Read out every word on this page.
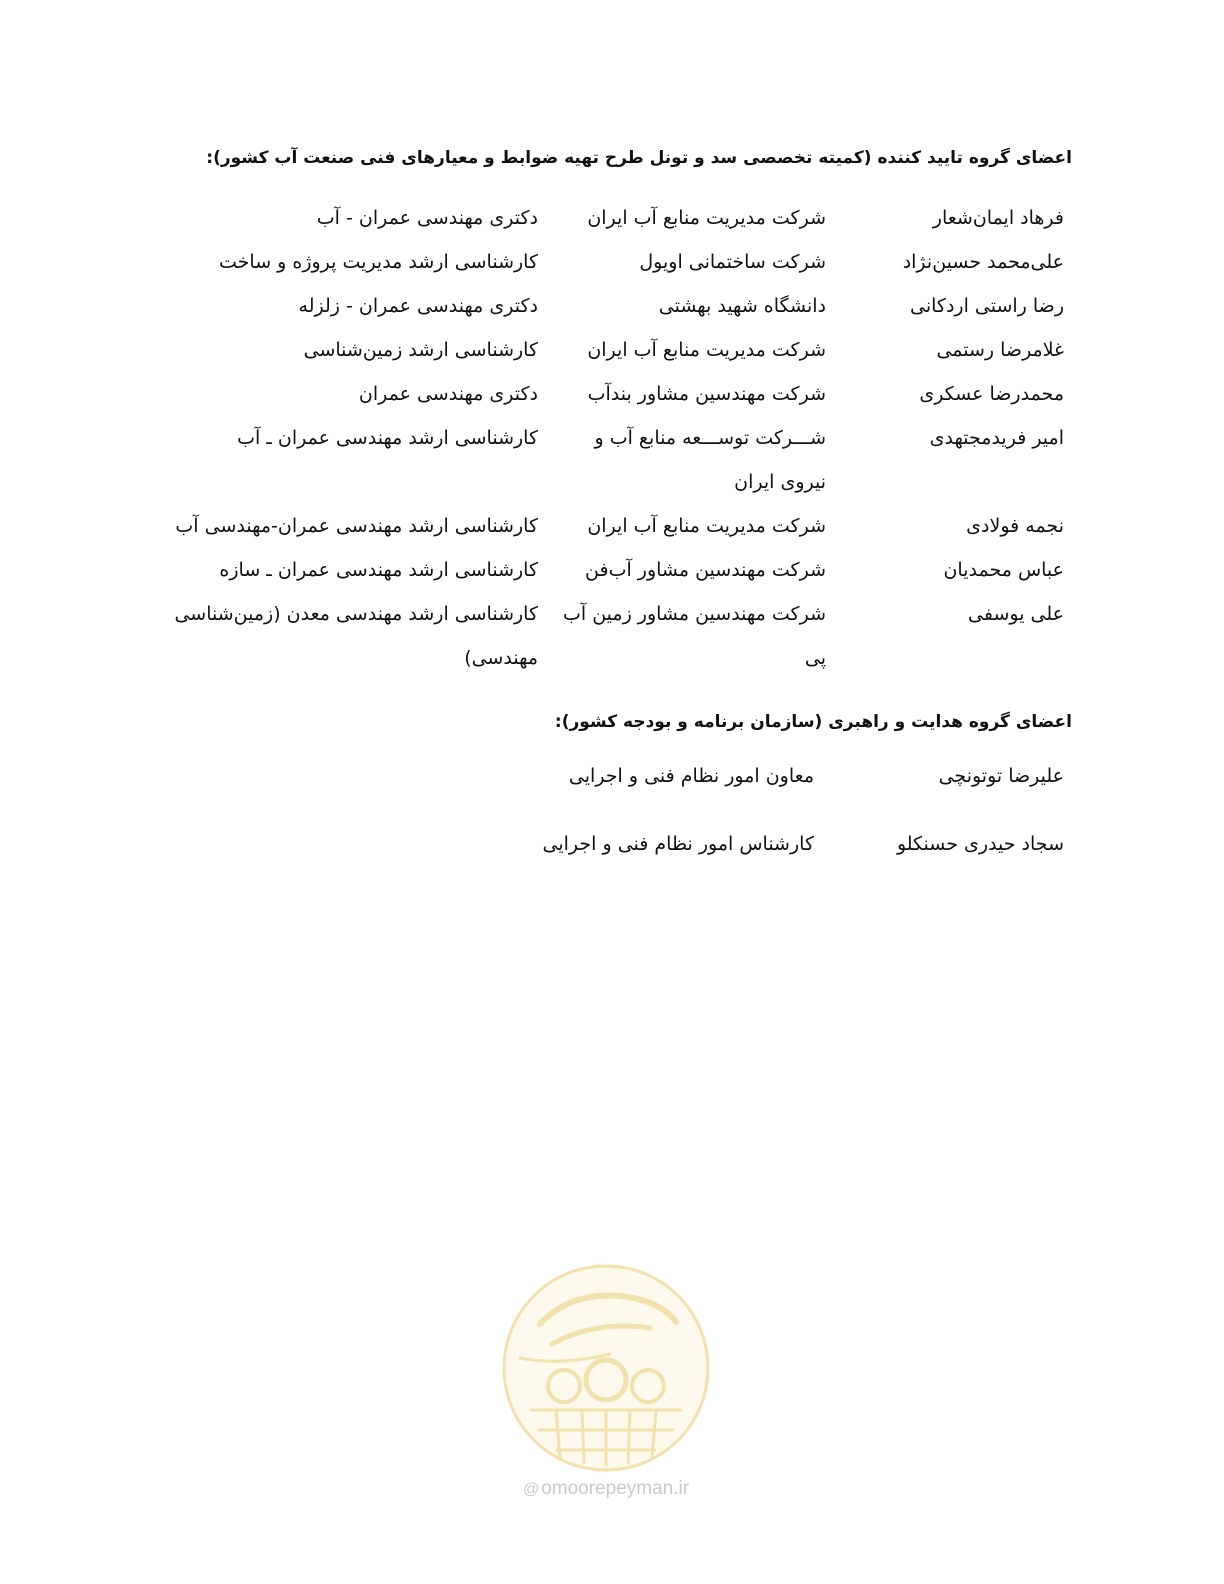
اعضای گروه تایید کننده (کمیته تخصصی سد و تونل طرح تهیه ضوابط و معیارهای فنی صنعت آب کشور):
فرهاد ایمان‌شعار
شرکت مدیریت منابع آب ایران
دکتری مهندسی عمران - آب
علی‌محمد حسین‌نژاد
شرکت ساختمانی اویول
کارشناسی ارشد مدیریت پروژه و ساخت
رضا راستی اردکانی
دانشگاه شهید بهشتی
دکتری مهندسی عمران - زلزله
غلامرضا رستمی
شرکت مدیریت منابع آب ایران
کارشناسی ارشد زمین‌شناسی
محمدرضا عسکری
شرکت مهندسین مشاور بندآب
دکتری مهندسی عمران
امیر فریدمجتهدی
شـــرکت توســـعه منابع آب و نیروی ایران
کارشناسی ارشد مهندسی عمران ـ آب
نجمه فولادی
شرکت مدیریت منابع آب ایران
کارشناسی ارشد مهندسی عمران-مهندسی آب
عباس محمدیان
شرکت مهندسین مشاور آب‌فن
کارشناسی ارشد مهندسی عمران ـ سازه
علی یوسفی
شرکت مهندسین مشاور زمین آب پی
کارشناسی ارشد مهندسی معدن (زمین‌شناسی مهندسی)
اعضای گروه هدایت و راهبری (سازمان برنامه و بودجه کشور):
علیرضا توتونچی
معاون امور نظام فنی و اجرایی
سجاد حیدری حسنکلو
کارشناس امور نظام فنی و اجرایی
@ omoorepeyman.ir
